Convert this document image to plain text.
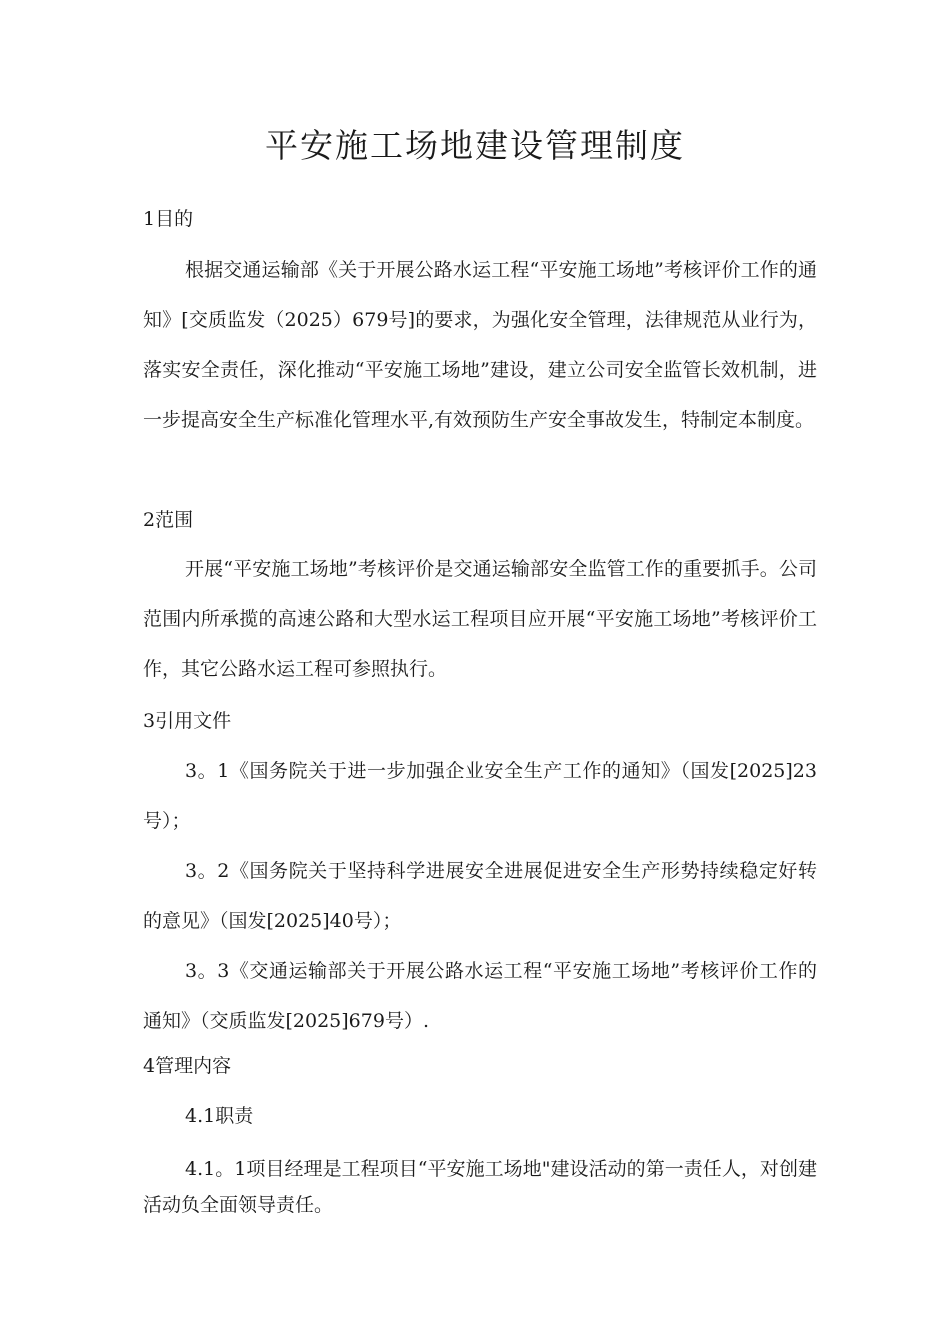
平安施工场地建设管理制度
1目的

根据交通运输部《关于开展公路水运工程“平安施工场地”考核评价工作的通知》[交质监发（2025）679号]的要求，为强化安全管理，法律规范从业行为，落实安全责任，深化推动“平安施工场地”建设，建立公司安全监管长效机制，进一步提高安全生产标准化管理水平,有效预防生产安全事故发生，特制定本制度。

2范围

开展“平安施工场地”考核评价是交通运输部安全监管工作的重要抓手。公司范围内所承揽的高速公路和大型水运工程项目应开展“平安施工场地”考核评价工作，其它公路水运工程可参照执行。

3引用文件

3。1《国务院关于进一步加强企业安全生产工作的通知》（国发[2025]23号）；

3。2《国务院关于坚持科学进展安全进展促进安全生产形势持续稳定好转的意见》（国发[2025]40号）；

3。3《交通运输部关于开展公路水运工程“平安施工场地”考核评价工作的通知》（交质监发[2025]679号）.

4管理内容
4.1职责

4.1。1项目经理是工程项目“平安施工场地"建设活动的第一责任人，对创建活动负全面领导责任。
